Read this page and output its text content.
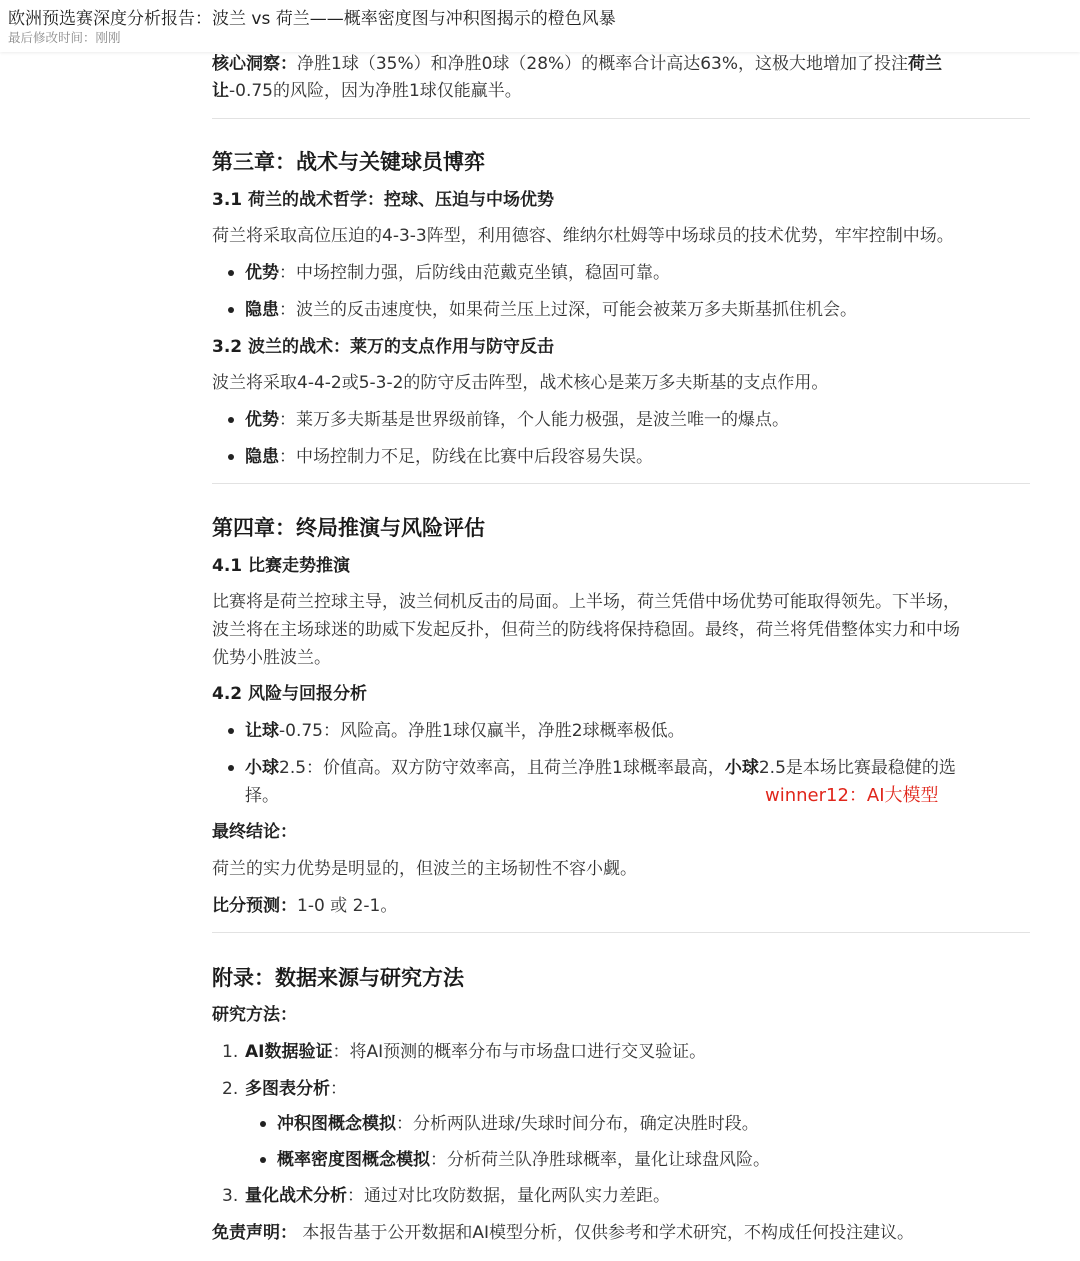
欧洲预选赛深度分析报告：波兰 vs 荷兰——概率密度图与冲积图揭示的橙色风暴
最后修改时间：刚刚
核心洞察：净胜1球（35%）和净胜0球（28%）的概率合计高达63%，这极大地增加了投注荷兰
让-0.75的风险，因为净胜1球仅能赢半。
第三章：战术与关键球员博弈
3.1 荷兰的战术哲学：控球、压迫与中场优势
荷兰将采取高位压迫的4-3-3阵型，利用德容、维纳尔杜姆等中场球员的技术优势，牢牢控制中场。
优势：中场控制力强，后防线由范戴克坐镇，稳固可靠。
隐患：波兰的反击速度快，如果荷兰压上过深，可能会被莱万多夫斯基抓住机会。
3.2 波兰的战术：莱万的支点作用与防守反击
波兰将采取4-4-2或5-3-2的防守反击阵型，战术核心是莱万多夫斯基的支点作用。
优势：莱万多夫斯基是世界级前锋，个人能力极强，是波兰唯一的爆点。
隐患：中场控制力不足，防线在比赛中后段容易失误。
第四章：终局推演与风险评估
4.1 比赛走势推演
比赛将是荷兰控球主导，波兰伺机反击的局面。上半场，荷兰凭借中场优势可能取得领先。下半场，
波兰将在主场球迷的助威下发起反扑，但荷兰的防线将保持稳固。最终，荷兰将凭借整体实力和中场
优势小胜波兰。
4.2 风险与回报分析
让球-0.75：风险高。净胜1球仅赢半，净胜2球概率极低。
小球2.5：价值高。双方防守效率高，且荷兰净胜1球概率最高，小球2.5是本场比赛最稳健的选
择。	winner12：AI大模型
最终结论：
荷兰的实力优势是明显的，但波兰的主场韧性不容小觑。
比分预测：1-0 或 2-1。
附录：数据来源与研究方法
研究方法：
1. AI数据验证：将AI预测的概率分布与市场盘口进行交叉验证。
2. 多图表分析：
冲积图概念模拟：分析两队进球/失球时间分布，确定决胜时段。
概率密度图概念模拟：分析荷兰队净胜球概率，量化让球盘风险。
3. 量化战术分析：通过对比攻防数据，量化两队实力差距。
免责声明： 本报告基于公开数据和AI模型分析，仅供参考和学术研究，不构成任何投注建议。
